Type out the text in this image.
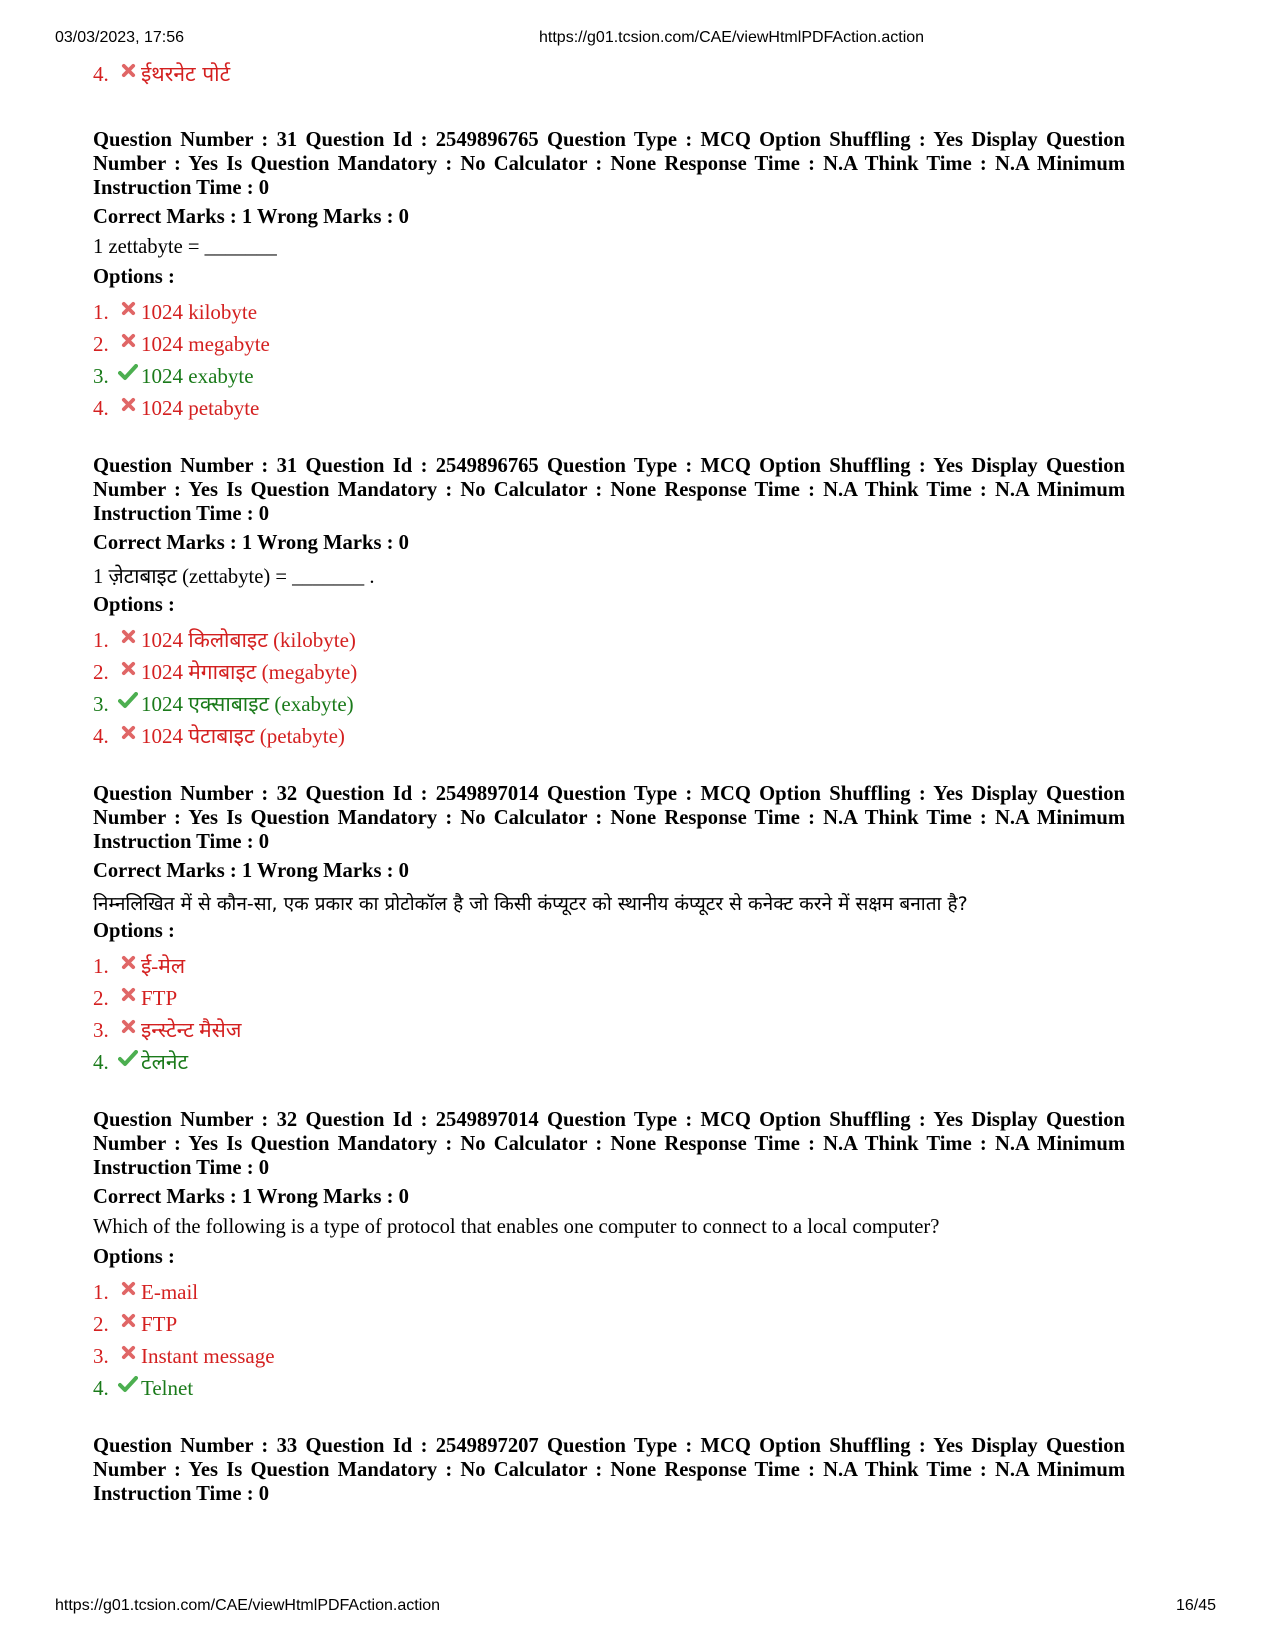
03/03/2023, 17:56	https://g01.tcsion.com/CAE/viewHtmlPDFAction.action
4. ईथरनेट पोर्ट

Question Number : 31 Question Id : 2549896765 Question Type : MCQ Option Shuffling : Yes Display Question Number : Yes Is Question Mandatory : No Calculator : None Response Time : N.A Think Time : N.A Minimum Instruction Time : 0

Correct Marks : 1 Wrong Marks : 0
1 zettabyte = _______
Options :
1. 1024 kilobyte
2. 1024 megabyte
3. 1024 exabyte
4. 1024 petabyte

Question Number : 31 Question Id : 2549896765 Question Type : MCQ Option Shuffling : Yes Display Question Number : Yes Is Question Mandatory : No Calculator : None Response Time : N.A Think Time : N.A Minimum Instruction Time : 0

Correct Marks : 1 Wrong Marks : 0
1 ज़ेटाबाइट (zettabyte) = _______ .
Options :
1. 1024 किलोबाइट (kilobyte)
2. 1024 मेगाबाइट (megabyte)
3. 1024 एक्साबाइट (exabyte)
4. 1024 पेटाबाइट (petabyte)

Question Number : 32 Question Id : 2549897014 Question Type : MCQ Option Shuffling : Yes Display Question Number : Yes Is Question Mandatory : No Calculator : None Response Time : N.A Think Time : N.A Minimum Instruction Time : 0

Correct Marks : 1 Wrong Marks : 0
निम्नलिखित में से कौन-सा, एक प्रकार का प्रोटोकॉल है जो किसी कंप्यूटर को स्थानीय कंप्यूटर से कनेक्ट करने में सक्षम बनाता है?
Options :
1. ई-मेल
2. FTP
3. इन्स्टेन्ट मैसेज
4. टेलनेट

Question Number : 32 Question Id : 2549897014 Question Type : MCQ Option Shuffling : Yes Display Question Number : Yes Is Question Mandatory : No Calculator : None Response Time : N.A Think Time : N.A Minimum Instruction Time : 0

Correct Marks : 1 Wrong Marks : 0
Which of the following is a type of protocol that enables one computer to connect to a local computer?
Options :
1. E-mail
2. FTP
3. Instant message
4. Telnet

Question Number : 33 Question Id : 2549897207 Question Type : MCQ Option Shuffling : Yes Display Question Number : Yes Is Question Mandatory : No Calculator : None Response Time : N.A Think Time : N.A Minimum Instruction Time : 0

https://g01.tcsion.com/CAE/viewHtmlPDFAction.action	16/45
